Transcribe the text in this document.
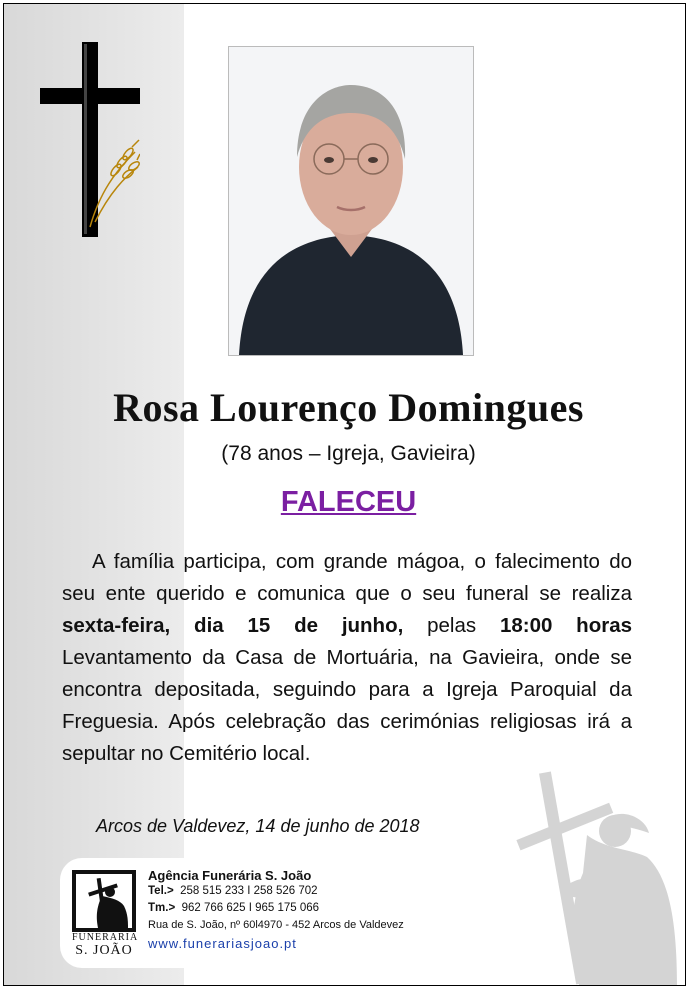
Rosa Lourenço Domingues
(78 anos – Igreja, Gavieira)
FALECEU

A família participa, com grande mágoa, o falecimento do seu ente querido e comunica que o seu funeral se realiza sexta-feira, dia 15 de junho, pelas 18:00 horas Levantamento da Casa de Mortuária, na Gavieira, onde se encontra depositada, seguindo para a Igreja Paroquial da Freguesia. Após celebração das cerimónias religiosas irá a sepultar no Cemitério local.

Arcos de Valdevez, 14 de junho de 2018
FUNERARIA
S. JOÃO
Agência Funerária S. João
Tel.> 258 515 233 I 258 526 702
Tm.> 962 766 625 I 965 175 066
Rua de S. João, nº 60l4970 - 452 Arcos de Valdevez
www.funerariasjoao.pt
